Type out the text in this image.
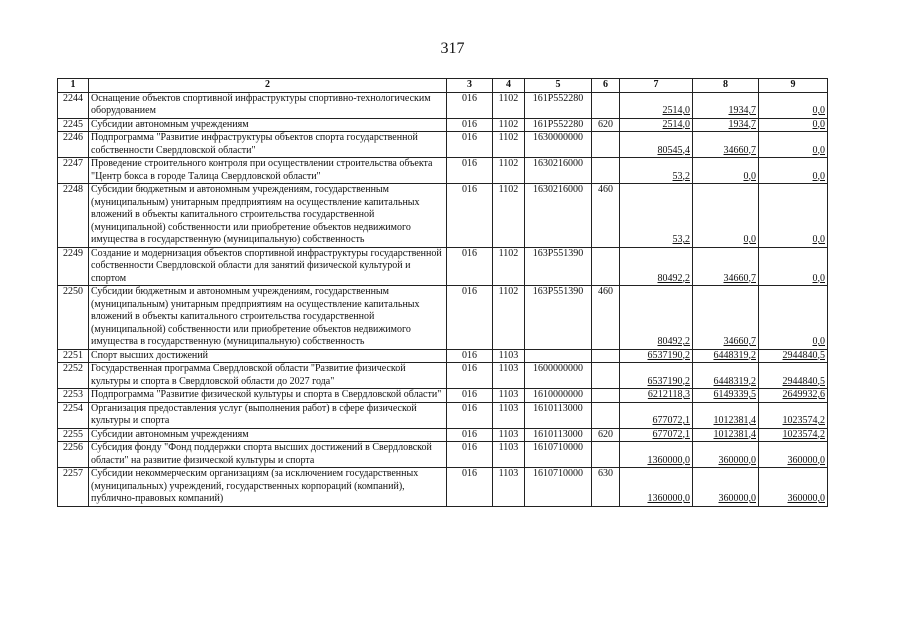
317
1	2	3	4	5	6	7	8	9
2244	Оснащение объектов спортивной инфраструктуры спортивно-технологическим оборудованием	016	1102	161P552280		2514,0	1934,7	0,0
2245	Субсидии автономным учреждениям	016	1102	161P552280	620	2514,0	1934,7	0,0
2246	Подпрограмма "Развитие инфраструктуры объектов спорта государственной собственности Свердловской области"	016	1102	1630000000		80545,4	34660,7	0,0
2247	Проведение строительного контроля при осуществлении строительства объекта "Центр бокса в городе Талица Свердловской области"	016	1102	1630216000		53,2	0,0	0,0
2248	Субсидии бюджетным и автономным учреждениям, государственным (муниципальным) унитарным предприятиям на осуществление капитальных вложений в объекты капитального строительства государственной (муниципальной) собственности или приобретение объектов недвижимого имущества в государственную (муниципальную) собственность	016	1102	1630216000	460	53,2	0,0	0,0
2249	Создание и модернизация объектов спортивной инфраструктуры государственной собственности Свердловской области для занятий физической культурой и спортом	016	1102	163P551390		80492,2	34660,7	0,0
2250	Субсидии бюджетным и автономным учреждениям, государственным (муниципальным) унитарным предприятиям на осуществление капитальных вложений в объекты капитального строительства государственной (муниципальной) собственности или приобретение объектов недвижимого имущества в государственную (муниципальную) собственность	016	1102	163P551390	460	80492,2	34660,7	0,0
2251	Спорт высших достижений	016	1103			6537190,2	6448319,2	2944840,5
2252	Государственная программа Свердловской области "Развитие физической культуры и спорта в Свердловской области до 2027 года"	016	1103	1600000000		6537190,2	6448319,2	2944840,5
2253	Подпрограмма "Развитие физической культуры и спорта в Свердловской области"	016	1103	1610000000		6212118,3	6149339,5	2649932,6
2254	Организация предоставления услуг (выполнения работ) в сфере физической культуры и спорта	016	1103	1610113000		677072,1	1012381,4	1023574,2
2255	Субсидии автономным учреждениям	016	1103	1610113000	620	677072,1	1012381,4	1023574,2
2256	Субсидия фонду "Фонд поддержки спорта высших достижений в Свердловской области" на развитие физической культуры и спорта	016	1103	1610710000		1360000,0	360000,0	360000,0
2257	Субсидии некоммерческим организациям (за исключением государственных (муниципальных) учреждений, государственных корпораций (компаний), публично-правовых компаний)	016	1103	1610710000	630	1360000,0	360000,0	360000,0
